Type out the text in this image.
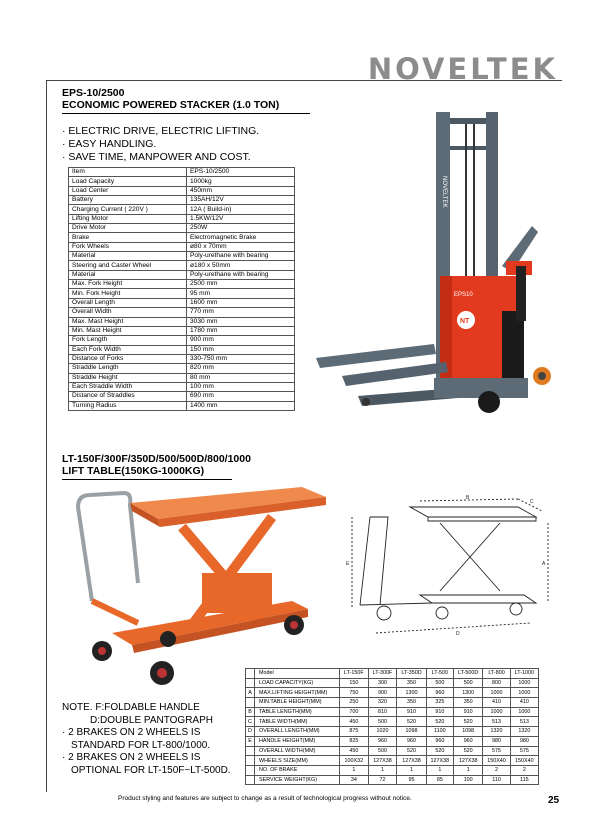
NOVELTEK
EPS-10/2500
ECONOMIC POWERED STACKER (1.0 TON)
· ELECTRIC DRIVE, ELECTRIC LIFTING.
· EASY HANDLING.
· SAVE TIME, MANPOWER AND COST.
Item	EPS-10/2500
Load Capacity	1000kg
Load Center	450mm
Battery	135AH/12V
Charging Current ( 220V )	12A ( Build-in)
Lifting Motor	1.5KW/12V
Drive Motor	250W
Brake	Electromagnetic Brake
Fork Wheels	ø80 x 70mm
Material	Poly-urethane with bearing
Steering and Caster Wheel	ø180 x 50mm
Material	Poly-urethane with bearing
Max. Fork Height	2500 mm
Min. Fork Height	95 mm
Overall Length	1600 mm
Overall Width	770 mm
Max. Mast Height	3030 mm
Min. Mast Height	1780 mm
Fork Length	900 mm
Each Fork Width	150 mm
Distance of Forks	330-750 mm
Straddle Length	820 mm
Straddle Height	80 mm
Each Straddle Width	100 mm
Distance of Straddles	690 mm
Turning Radius	1400 mm
NOVELTEK
NT
EPS10
LT-150F/300F/350D/500/500D/800/1000
LIFT TABLE(150KG-1000KG)
B
C
A
E
D
NOTE. F:FOLDABLE HANDLE
D:DOUBLE PANTOGRAPH
· 2 BRAKES ON 2 WHEELS IS
STANDARD FOR LT-800/1000.
· 2 BRAKES ON 2 WHEELS IS
OPTIONAL FOR LT-150F~LT-500D.
	Model	LT-150F	LT-300F	LT-350D	LT-500	LT-500D	LT-800	LT-1000
	LOAD CAPACITY(KG)	150	300	350	500	500	800	1000
A	MAX.LIFTING HEIGHT(MM)	750	900	1300	960	1300	1000	1000
	MIN.TABLE HEIGHT(MM)	250	320	350	325	350	410	410
B	TABLE LENGTH(MM)	700	810	910	910	910	1000	1000
C	TABLE WIDTH(MM)	450	500	520	520	520	513	513
D	OVERALL LENGTH(MM)	875	1020	1098	1100	1098	1320	1320
E	HANDLE HEIGHT(MM)	825	960	960	960	960	980	980
	OVERALL WIDTH(MM)	450	500	520	520	520	575	575
	WHEELS SIZE(MM)	100X32	127X38	127X38	127X38	127X38	150X40	150X40
	NO. OF BRAKE	1	1	1	1	1	2	2
	SERVICE WEIGHT(KG)	34	72	95	85	100	110	115
Product styling and features are subject to change as a result of technological progress without notice.	25
